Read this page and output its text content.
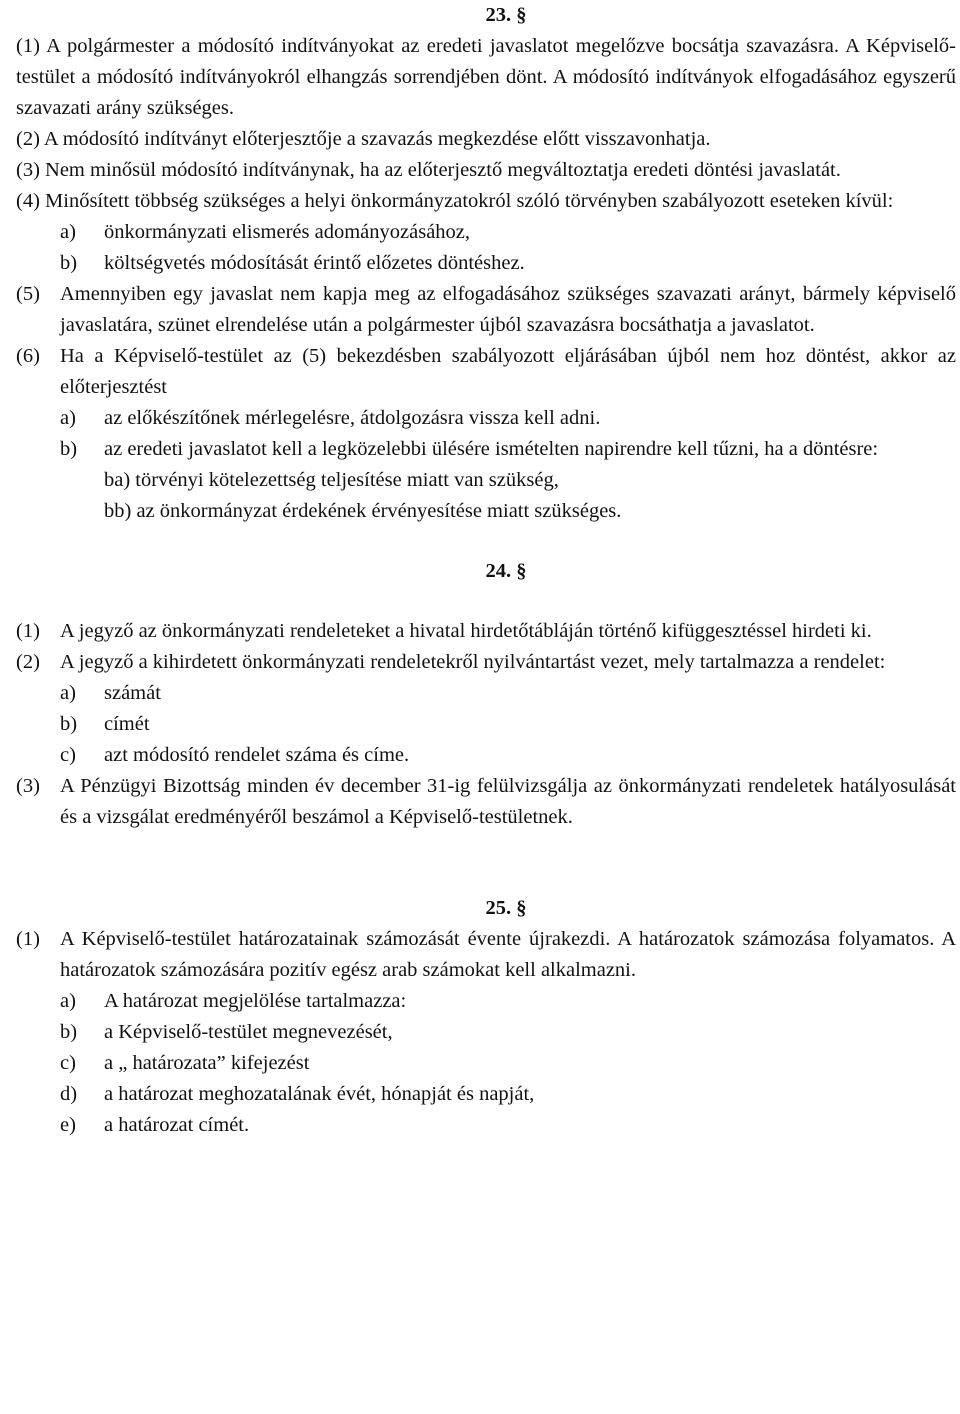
23. §
(1) A polgármester a módosító indítványokat az eredeti javaslatot megelőzve bocsátja szavazásra. A Képviselő-testület a módosító indítványokról elhangzás sorrendjében dönt. A módosító indítványok elfogadásához egyszerű szavazati arány szükséges.
(2) A módosító indítványt előterjesztője a szavazás megkezdése előtt visszavonhatja.
(3) Nem minősül módosító indítványnak, ha az előterjesztő megváltoztatja eredeti döntési javaslatát.
(4) Minősített többség szükséges a helyi önkormányzatokról szóló törvényben szabályozott eseteken kívül:
a) önkormányzati elismerés adományozásához,
b) költségvetés módosítását érintő előzetes döntéshez.
(5) Amennyiben egy javaslat nem kapja meg az elfogadásához szükséges szavazati arányt, bármely képviselő javaslatára, szünet elrendelése után a polgármester újból szavazásra bocsáthatja a javaslatot.
(6) Ha a Képviselő-testület az (5) bekezdésben szabályozott eljárásában újból nem hoz döntést, akkor az előterjesztést
a) az előkészítőnek mérlegelésre, átdolgozásra vissza kell adni.
b) az eredeti javaslatot kell a legközelebbi ülésére ismételten napirendre kell tűzni, ha a döntésre:
ba) törvényi kötelezettség teljesítése miatt van szükség,
bb) az önkormányzat érdekének érvényesítése miatt szükséges.
24. §
(1) A jegyző az önkormányzati rendeleteket a hivatal hirdetőtábláján történő kifüggesztéssel hirdeti ki.
(2) A jegyző a kihirdetett önkormányzati rendeletekről nyilvántartást vezet, mely tartalmazza a rendelet:
a) számát
b) címét
c) azt módosító rendelet száma és címe.
(3) A Pénzügyi Bizottság minden év december 31-ig felülvizsgálja az önkormányzati rendeletek hatályosulását és a vizsgálat eredményéről beszámol a Képviselő-testületnek.
25. §
(1) A Képviselő-testület határozatainak számozását évente újrakezdi. A határozatok számozása folyamatos. A határozatok számozására pozitív egész arab számokat kell alkalmazni.
a) A határozat megjelölése tartalmazza:
b) a Képviselő-testület megnevezését,
c) a „ határozata” kifejezést
d) a határozat meghozatalának évét, hónapját és napját,
e) a határozat címét.
